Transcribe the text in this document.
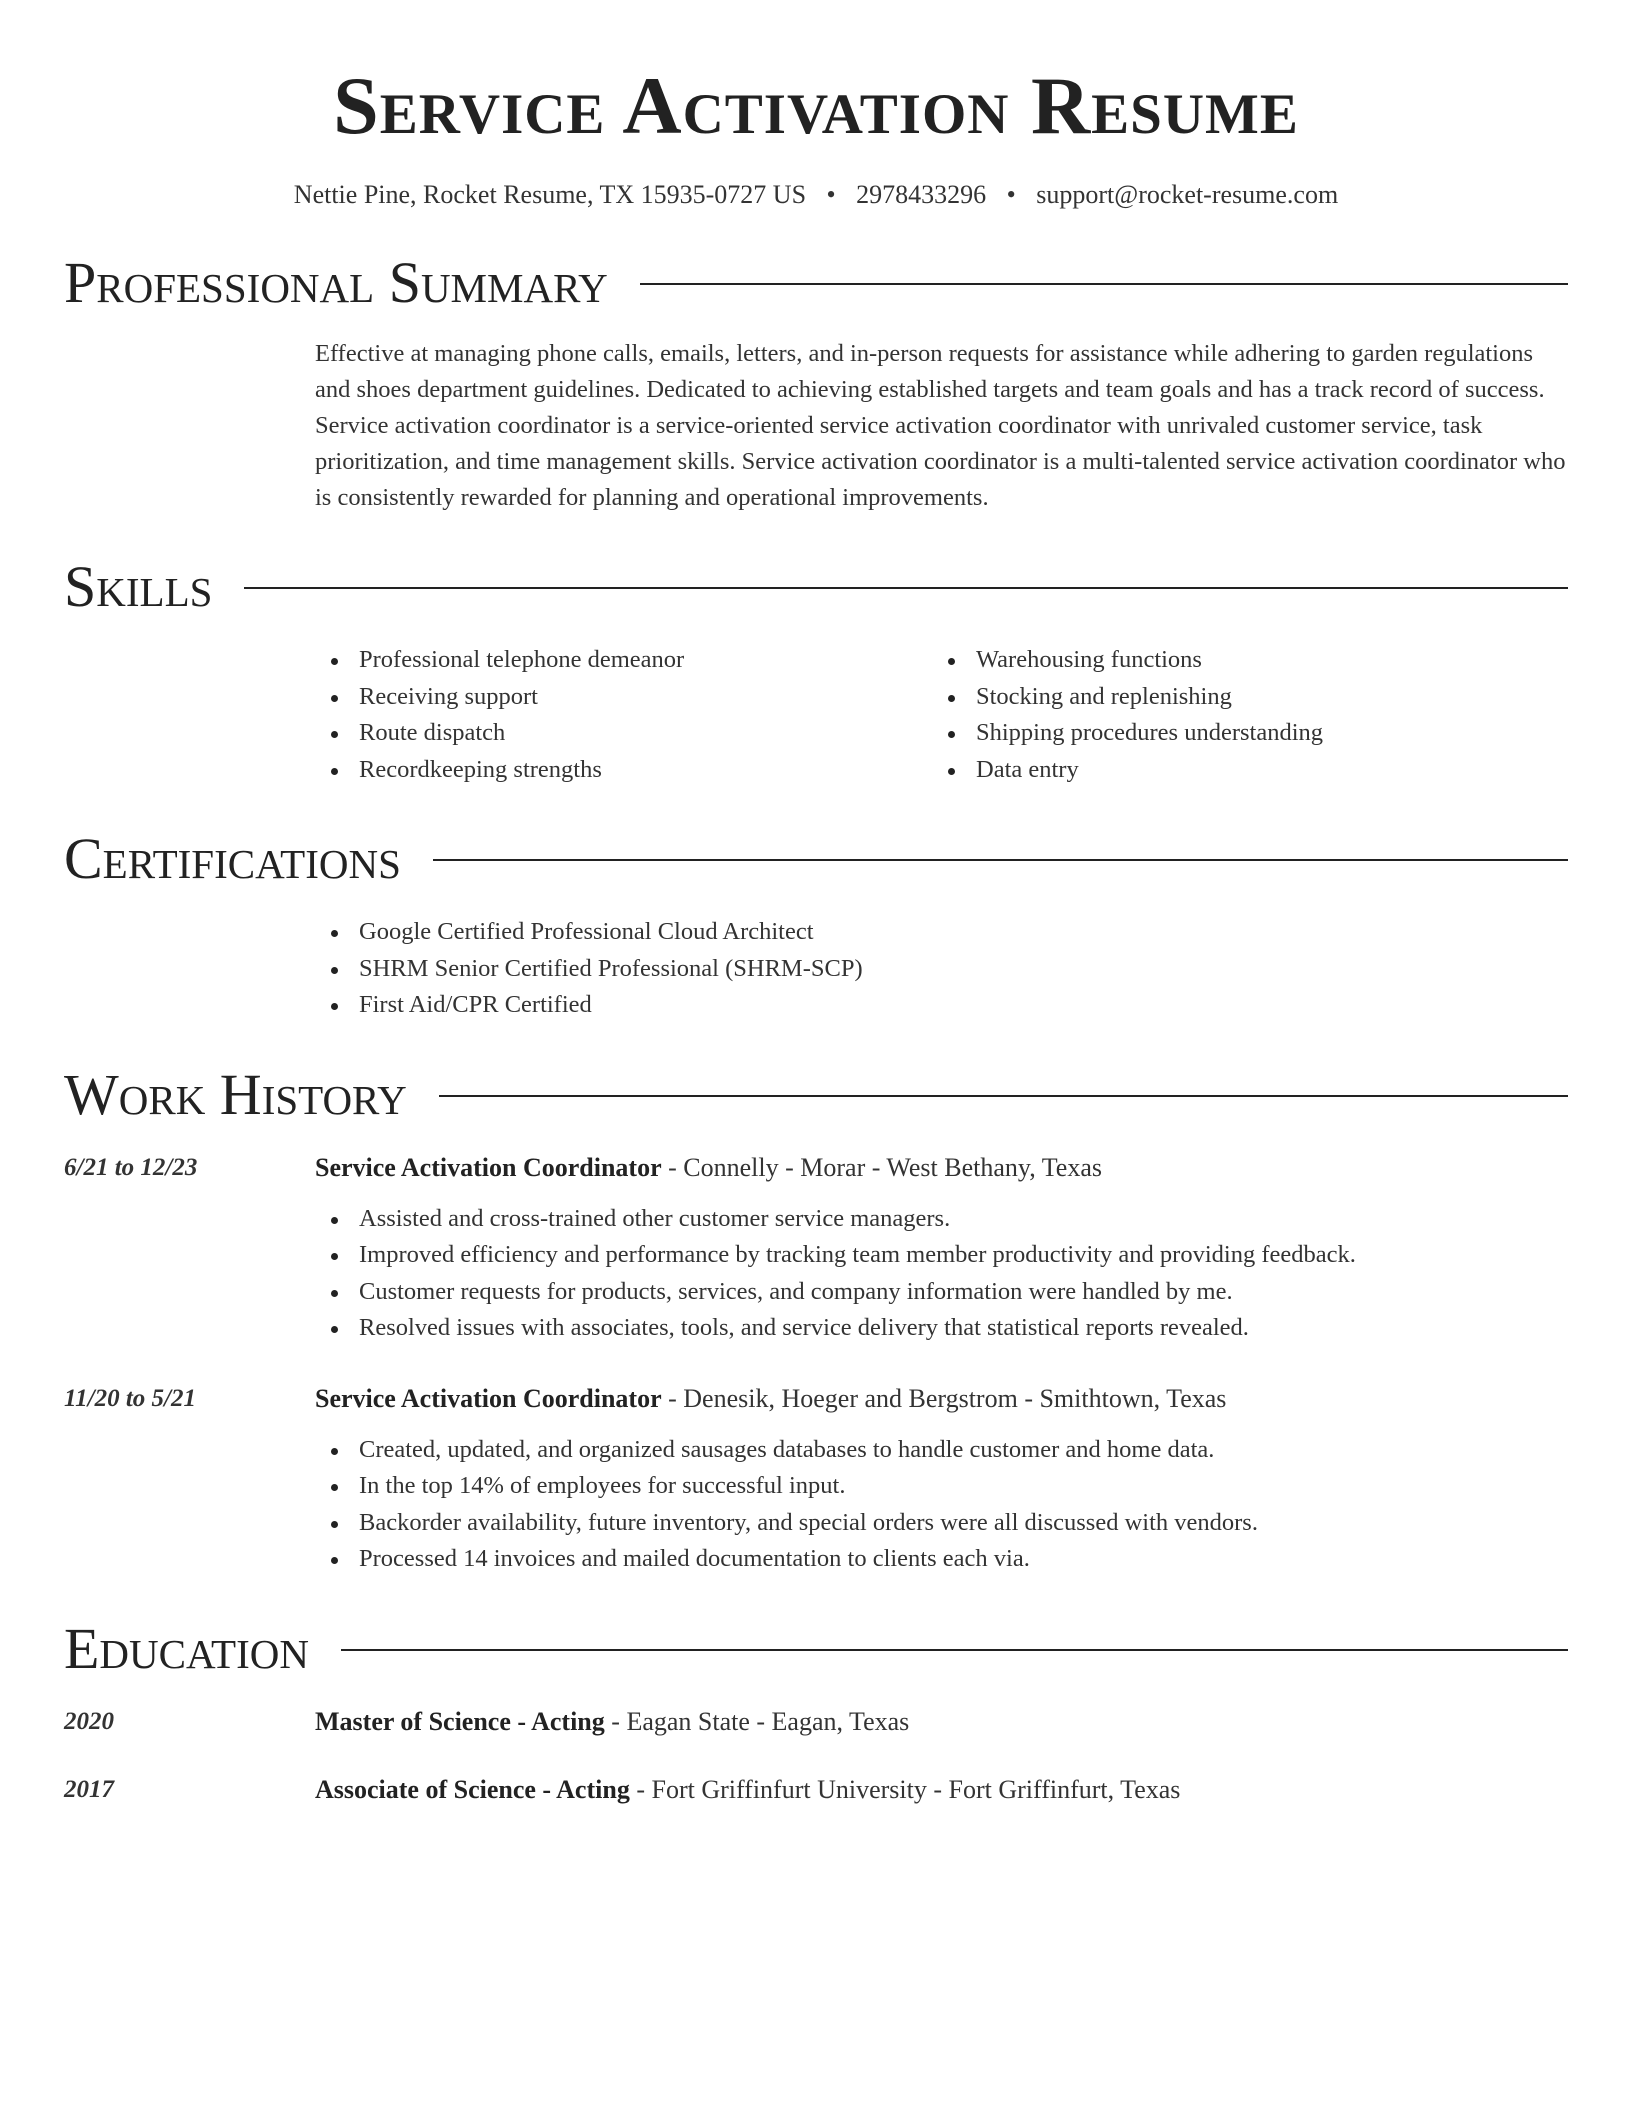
Service Activation Resume
Nettie Pine, Rocket Resume, TX 15935-0727 US • 2978433296 • support@rocket-resume.com
Professional Summary

Effective at managing phone calls, emails, letters, and in-person requests for assistance while adhering to garden regulations and shoes department guidelines. Dedicated to achieving established targets and team goals and has a track record of success. Service activation coordinator is a service-oriented service activation coordinator with unrivaled customer service, task prioritization, and time management skills. Service activation coordinator is a multi-talented service activation coordinator who is consistently rewarded for planning and operational improvements.

Skills
Professional telephone demeanor
Receiving support
Route dispatch
Recordkeeping strengths
Warehousing functions
Stocking and replenishing
Shipping procedures understanding
Data entry
Certifications
Google Certified Professional Cloud Architect
SHRM Senior Certified Professional (SHRM-SCP)
First Aid/CPR Certified
Work History
6/21 to 12/23	Service Activation Coordinator - Connelly - Morar - West Bethany, Texas
Assisted and cross-trained other customer service managers.
Improved efficiency and performance by tracking team member productivity and providing feedback.
Customer requests for products, services, and company information were handled by me.
Resolved issues with associates, tools, and service delivery that statistical reports revealed.
11/20 to 5/21	Service Activation Coordinator - Denesik, Hoeger and Bergstrom - Smithtown, Texas
Created, updated, and organized sausages databases to handle customer and home data.
In the top 14% of employees for successful input.
Backorder availability, future inventory, and special orders were all discussed with vendors.
Processed 14 invoices and mailed documentation to clients each via.
Education
2020	Master of Science - Acting - Eagan State - Eagan, Texas
2017	Associate of Science - Acting - Fort Griffinfurt University - Fort Griffinfurt, Texas
